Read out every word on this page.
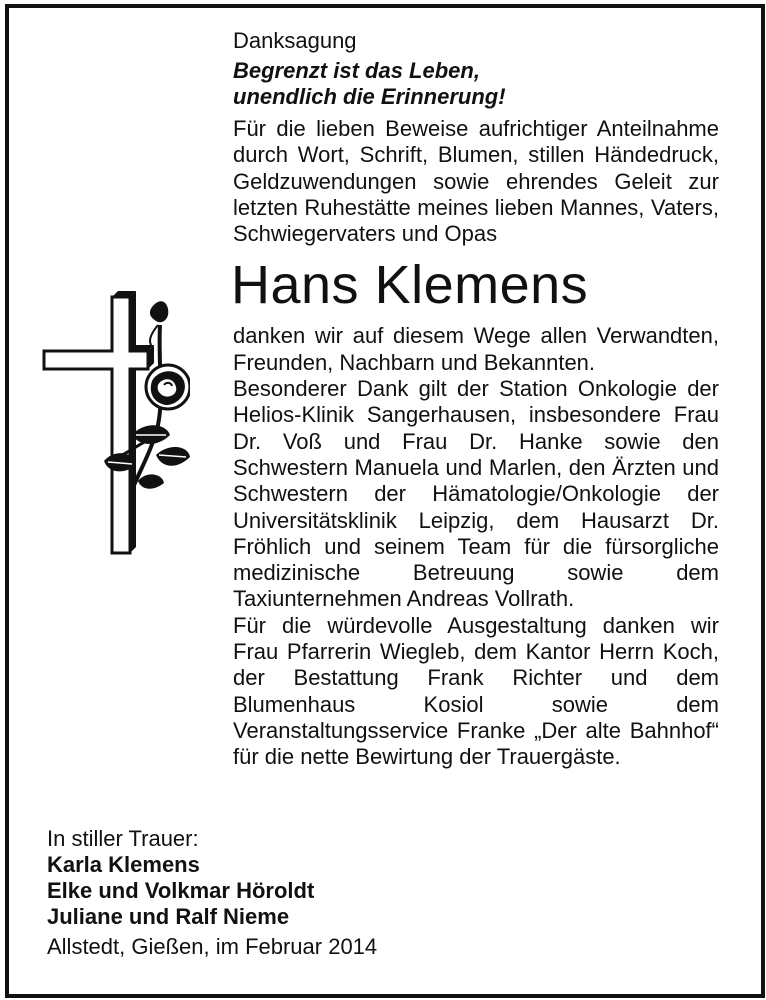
Danksagung

Begrenzt ist das Leben,
unendlich die Erinnerung!

Für die lieben Beweise aufrichtiger Anteilnahme durch Wort, Schrift, Blumen, stillen Händedruck, Geldzuwendungen sowie ehrendes Geleit zur letzten Ruhestätte meines lieben Mannes, Vaters, Schwiegervaters und Opas

Hans Klemens

danken wir auf diesem Wege allen Verwandten, Freunden, Nachbarn und Bekannten.

Besonderer Dank gilt der Station Onkologie der Helios-Klinik Sangerhausen, insbesondere Frau Dr. Voß und Frau Dr. Hanke sowie den Schwestern Manuela und Marlen, den Ärzten und Schwestern der Hämatologie/Onkologie der Universitätsklinik Leipzig, dem Hausarzt Dr. Fröhlich und seinem Team für die fürsorgliche medizinische Betreuung sowie dem Taxiunternehmen Andreas Vollrath.

Für die würdevolle Ausgestaltung danken wir Frau Pfarrerin Wiegleb, dem Kantor Herrn Koch, der Bestattung Frank Richter und dem Blumenhaus Kosiol sowie dem Veranstaltungsservice Franke „Der alte Bahnhof“ für die nette Bewirtung der Trauergäste.

In stiller Trauer:
Karla Klemens
Elke und Volkmar Höroldt
Juliane und Ralf Nieme
Allstedt, Gießen, im Februar 2014
